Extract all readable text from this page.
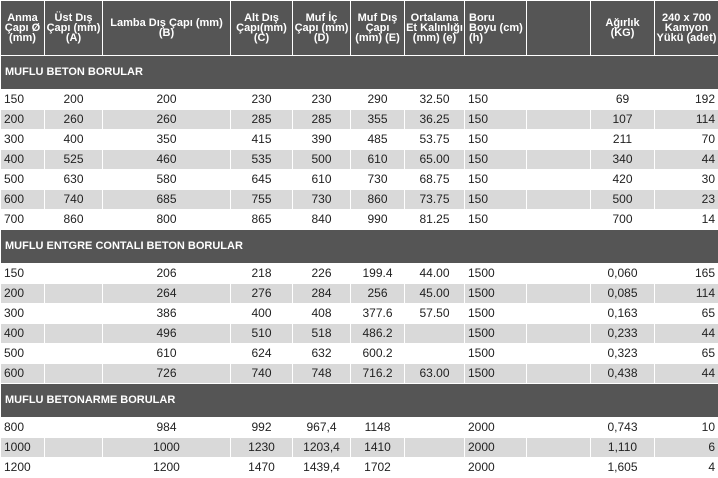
Anma Çapı Ø (mm)	Üst Dış Çapı (mm) (A)	Lamba Dış Çapı (mm) (B)	Alt Dış Çapı(mm) (C)	Muf İç Çapı (mm) (D)	Muf Dış Çapı (mm) (E)	Ortalama Et Kalınlığı (mm) (e)	Boru Boyu (cm) (h)		Ağırlık (KG)	240 x 700 Kamyon Yükü (adet)
MUFLU BETON BORULAR										
150	200	200	230	230	290	32.50	150		69	192
200	260	260	285	285	355	36.25	150		107	114
300	400	350	415	390	485	53.75	150		211	70
400	525	460	535	500	610	65.00	150		340	44
500	630	580	645	610	730	68.75	150		420	30
600	740	685	755	730	860	73.75	150		500	23
700	860	800	865	840	990	81.25	150		700	14
MUFLU ENTGRE CONTALI BETON BORULAR										
150		206	218	226	199.4	44.00	1500		0,060	165
200		264	276	284	256	45.00	1500		0,085	114
300		386	400	408	377.6	57.50	1500		0,163	65
400		496	510	518	486.2		1500		0,233	44
500		610	624	632	600.2		1500		0,323	65
600		726	740	748	716.2	63.00	1500		0,438	44
MUFLU BETONARME BORULAR										
800		984	992	967,4	1148		2000		0,743	10
1000		1000	1230	1203,4	1410		2000		1,110	6
1200		1200	1470	1439,4	1702		2000		1,605	4
